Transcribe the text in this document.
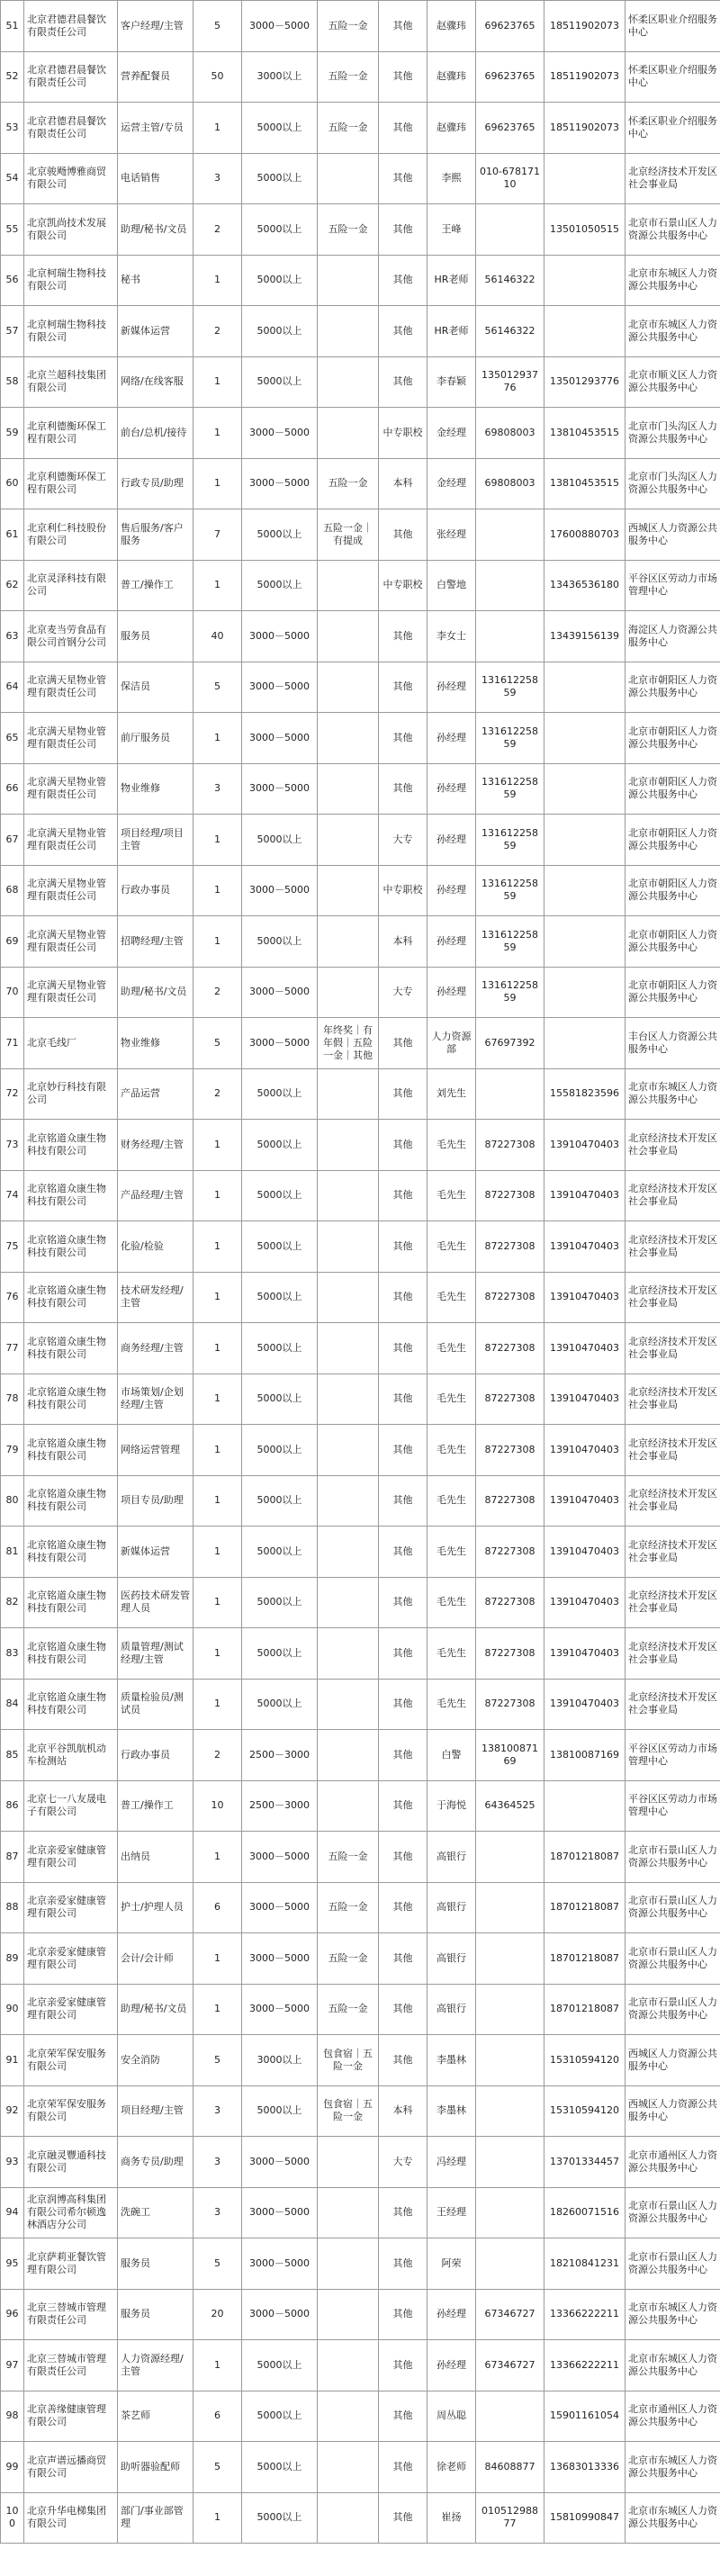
51	北京君德君晨餐饮有限责任公司	客户经理/主管	5	3000－5000	五险一金	其他	赵骤玮	69623765	18511902073	怀柔区职业介绍服务中心
52	北京君德君晨餐饮有限责任公司	营养配餐员	50	3000以上	五险一金	其他	赵骤玮	69623765	18511902073	怀柔区职业介绍服务中心
53	北京君德君晨餐饮有限责任公司	运营主管/专员	1	5000以上	五险一金	其他	赵骤玮	69623765	18511902073	怀柔区职业介绍服务中心
54	北京骏飏博雅商贸有限公司	电话销售	3	5000以上		其他	李熙	010-67817110		北京经济技术开发区社会事业局
55	北京凯尚技术发展有限公司	助理/秘书/文员	2	5000以上	五险一金	其他	王峰		13501050515	北京市石景山区人力资源公共服务中心
56	北京柯瑞生物科技有限公司	秘书	1	5000以上		其他	HR老师	56146322		北京市东城区人力资源公共服务中心
57	北京柯瑞生物科技有限公司	新媒体运营	2	5000以上		其他	HR老师	56146322		北京市东城区人力资源公共服务中心
58	北京兰超科技集团有限公司	网络/在线客服	1	5000以上		其他	李春颖	13501293776	13501293776	北京市顺义区人力资源公共服务中心
59	北京利德衡环保工程有限公司	前台/总机/接待	1	3000－5000		中专职校	金经理	69808003	13810453515	北京市门头沟区人力资源公共服务中心
60	北京利德衡环保工程有限公司	行政专员/助理	1	3000－5000	五险一金	本科	金经理	69808003	13810453515	北京市门头沟区人力资源公共服务中心
61	北京利仁科技股份有限公司	售后服务/客户服务	7	5000以上	五险一金｜有提成	其他	张经理		17600880703	西城区人力资源公共服务中心
62	北京灵泽科技有限公司	普工/操作工	1	5000以上		中专职校	白警地		13436536180	平谷区区劳动力市场管理中心
63	北京麦当劳食品有限公司首钢分公司	服务员	40	3000－5000		其他	李女士		13439156139	海淀区人力资源公共服务中心
64	北京满天星物业管理有限责任公司	保洁员	5	3000－5000		其他	孙经理	13161225859		北京市朝阳区人力资源公共服务中心
65	北京满天星物业管理有限责任公司	前厅服务员	1	3000－5000		其他	孙经理	13161225859		北京市朝阳区人力资源公共服务中心
66	北京满天星物业管理有限责任公司	物业维修	3	3000－5000		其他	孙经理	13161225859		北京市朝阳区人力资源公共服务中心
67	北京满天星物业管理有限责任公司	项目经理/项目主管	1	5000以上		大专	孙经理	13161225859		北京市朝阳区人力资源公共服务中心
68	北京满天星物业管理有限责任公司	行政办事员	1	3000－5000		中专职校	孙经理	13161225859		北京市朝阳区人力资源公共服务中心
69	北京满天星物业管理有限责任公司	招聘经理/主管	1	5000以上		本科	孙经理	13161225859		北京市朝阳区人力资源公共服务中心
70	北京满天星物业管理有限责任公司	助理/秘书/文员	2	3000－5000		大专	孙经理	13161225859		北京市朝阳区人力资源公共服务中心
71	北京毛线厂	物业维修	5	3000－5000	年终奖｜有年假｜五险一金｜其他	其他	人力资源部	67697392		丰台区人力资源公共服务中心
72	北京妙行科技有限公司	产品运营	2	5000以上		其他	刘先生		15581823596	北京市东城区人力资源公共服务中心
73	北京铭道众康生物科技有限公司	财务经理/主管	1	5000以上		其他	毛先生	87227308	13910470403	北京经济技术开发区社会事业局
74	北京铭道众康生物科技有限公司	产品经理/主管	1	5000以上		其他	毛先生	87227308	13910470403	北京经济技术开发区社会事业局
75	北京铭道众康生物科技有限公司	化验/检验	1	5000以上		其他	毛先生	87227308	13910470403	北京经济技术开发区社会事业局
76	北京铭道众康生物科技有限公司	技术研发经理/主管	1	5000以上		其他	毛先生	87227308	13910470403	北京经济技术开发区社会事业局
77	北京铭道众康生物科技有限公司	商务经理/主管	1	5000以上		其他	毛先生	87227308	13910470403	北京经济技术开发区社会事业局
78	北京铭道众康生物科技有限公司	市场策划/企划经理/主管	1	5000以上		其他	毛先生	87227308	13910470403	北京经济技术开发区社会事业局
79	北京铭道众康生物科技有限公司	网络运营管理	1	5000以上		其他	毛先生	87227308	13910470403	北京经济技术开发区社会事业局
80	北京铭道众康生物科技有限公司	项目专员/助理	1	5000以上		其他	毛先生	87227308	13910470403	北京经济技术开发区社会事业局
81	北京铭道众康生物科技有限公司	新媒体运营	1	5000以上		其他	毛先生	87227308	13910470403	北京经济技术开发区社会事业局
82	北京铭道众康生物科技有限公司	医药技术研发管理人员	1	5000以上		其他	毛先生	87227308	13910470403	北京经济技术开发区社会事业局
83	北京铭道众康生物科技有限公司	质量管理/测试经理/主管	1	5000以上		其他	毛先生	87227308	13910470403	北京经济技术开发区社会事业局
84	北京铭道众康生物科技有限公司	质量检验员/测试员	1	5000以上		其他	毛先生	87227308	13910470403	北京经济技术开发区社会事业局
85	北京平谷凯航机动车检测站	行政办事员	2	2500－3000		其他	白警	13810087169	13810087169	平谷区区劳动力市场管理中心
86	北京七一八友晟电子有限公司	普工/操作工	10	2500－3000		其他	于海悦	64364525		平谷区区劳动力市场管理中心
87	北京亲爱家健康管理有限公司	出纳员	1	3000－5000	五险一金	其他	高银行		18701218087	北京市石景山区人力资源公共服务中心
88	北京亲爱家健康管理有限公司	护士/护理人员	6	3000－5000	五险一金	其他	高银行		18701218087	北京市石景山区人力资源公共服务中心
89	北京亲爱家健康管理有限公司	会计/会计师	1	3000－5000	五险一金	其他	高银行		18701218087	北京市石景山区人力资源公共服务中心
90	北京亲爱家健康管理有限公司	助理/秘书/文员	1	3000－5000	五险一金	其他	高银行		18701218087	北京市石景山区人力资源公共服务中心
91	北京荣军保安服务有限公司	安全消防	5	3000以上	包食宿｜五险一金	其他	李墨林		15310594120	西城区人力资源公共服务中心
92	北京荣军保安服务有限公司	项目经理/主管	3	5000以上	包食宿｜五险一金	本科	李墨林		15310594120	西城区人力资源公共服务中心
93	北京融灵豐通科技有限公司	商务专员/助理	3	3000－5000		大专	冯经理		13701334457	北京市通州区人力资源公共服务中心
94	北京润博高科集团有限公司希尔顿逸林酒店分公司	洗碗工	3	3000－5000		其他	王经理		18260071516	北京市石景山区人力资源公共服务中心
95	北京萨莉亚餐饮管理有限公司	服务员	5	3000－5000		其他	阿荣		18210841231	北京市石景山区人力资源公共服务中心
96	北京三替城市管理有限责任公司	服务员	20	3000－5000		其他	孙经理	67346727	13366222211	北京市东城区人力资源公共服务中心
97	北京三替城市管理有限责任公司	人力资源经理/主管	1	5000以上		其他	孙经理	67346727	13366222211	北京市东城区人力资源公共服务中心
98	北京善缘健康管理有限公司	茶艺师	6	5000以上		其他	周丛聪		15901161054	北京市通州区人力资源公共服务中心
99	北京声谱远播商贸有限公司	助听器验配师	5	5000以上		其他	徐老师	84608877	13683013336	北京市东城区人力资源公共服务中心
100	北京升华电梯集团有限公司	部门/事业部管理	1	5000以上		其他	崔扬	01051298877	15810990847	北京市东城区人力资源公共服务中心
